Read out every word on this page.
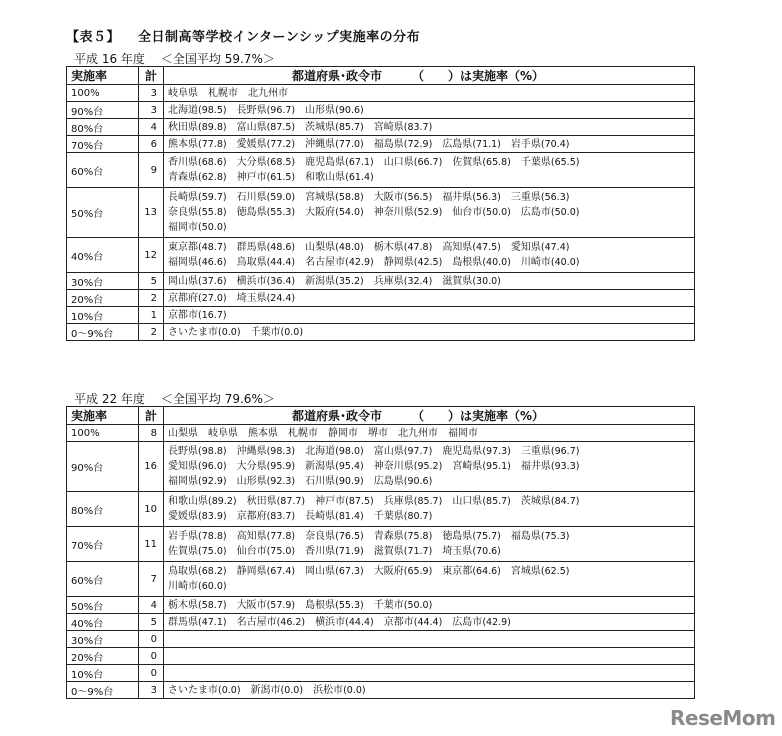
【表５】 全日制高等学校インターンシップ実施率の分布
平成 16 年度 ＜全国平均 59.7%＞
実施率	計	都道府県･政令市　　　（　　）は実施率（%）
100%	3	岐阜県 札幌市 北九州市

90%台	3	北海道(98.5) 長野県(96.7) 山形県(90.6)

80%台	4	秋田県(89.8) 富山県(87.5) 茨城県(85.7) 宮崎県(83.7)

70%台	6	熊本県(77.8) 愛媛県(77.2) 沖縄県(77.0) 福島県(72.9) 広島県(71.1) 岩手県(70.4)

60%台	9	香川県(68.6) 大分県(68.5) 鹿児島県(67.1) 山口県(66.7) 佐賀県(65.8) 千葉県(65.5)
青森県(62.8) 神戸市(61.5) 和歌山県(61.4)

50%台	13	長崎県(59.7) 石川県(59.0) 宮城県(58.8) 大阪市(56.5) 福井県(56.3) 三重県(56.3)
奈良県(55.8) 徳島県(55.3) 大阪府(54.0) 神奈川県(52.9) 仙台市(50.0) 広島市(50.0)
福岡市(50.0)

40%台	12	東京都(48.7) 群馬県(48.6) 山梨県(48.0) 栃木県(47.8) 高知県(47.5) 愛知県(47.4)
福岡県(46.6) 鳥取県(44.4) 名古屋市(42.9) 静岡県(42.5) 島根県(40.0) 川崎市(40.0)

30%台	5	岡山県(37.6) 横浜市(36.4) 新潟県(35.2) 兵庫県(32.4) 滋賀県(30.0)

20%台	2	京都府(27.0) 埼玉県(24.4)

10%台	1	京都市(16.7)

0～9%台	2	さいたま市(0.0) 千葉市(0.0)
平成 22 年度 ＜全国平均 79.6%＞
実施率	計	都道府県･政令市　　　（　　）は実施率（%）
100%	8	山梨県 岐阜県 熊本県 札幌市 静岡市 堺市 北九州市 福岡市

90%台	16	長野県(98.8) 沖縄県(98.3) 北海道(98.0) 富山県(97.7) 鹿児島県(97.3) 三重県(96.7)
愛知県(96.0) 大分県(95.9) 新潟県(95.4) 神奈川県(95.2) 宮崎県(95.1) 福井県(93.3)
福岡県(92.9) 山形県(92.3) 石川県(90.9) 広島県(90.6)

80%台	10	和歌山県(89.2) 秋田県(87.7) 神戸市(87.5) 兵庫県(85.7) 山口県(85.7) 茨城県(84.7)
愛媛県(83.9) 京都府(83.7) 長崎県(81.4) 千葉県(80.7)

70%台	11	岩手県(78.8) 高知県(77.8) 奈良県(76.5) 青森県(75.8) 徳島県(75.7) 福島県(75.3)
佐賀県(75.0) 仙台市(75.0) 香川県(71.9) 滋賀県(71.7) 埼玉県(70.6)

60%台	7	鳥取県(68.2) 静岡県(67.4) 岡山県(67.3) 大阪府(65.9) 東京都(64.6) 宮城県(62.5)
川崎市(60.0)

50%台	4	栃木県(58.7) 大阪市(57.9) 島根県(55.3) 千葉市(50.0)

40%台	5	群馬県(47.1) 名古屋市(46.2) 横浜市(44.4) 京都市(44.4) 広島市(42.9)

30%台	0	
20%台	0	
10%台	0	
0～9%台	3	さいたま市(0.0) 新潟市(0.0) 浜松市(0.0)
ReseMom
